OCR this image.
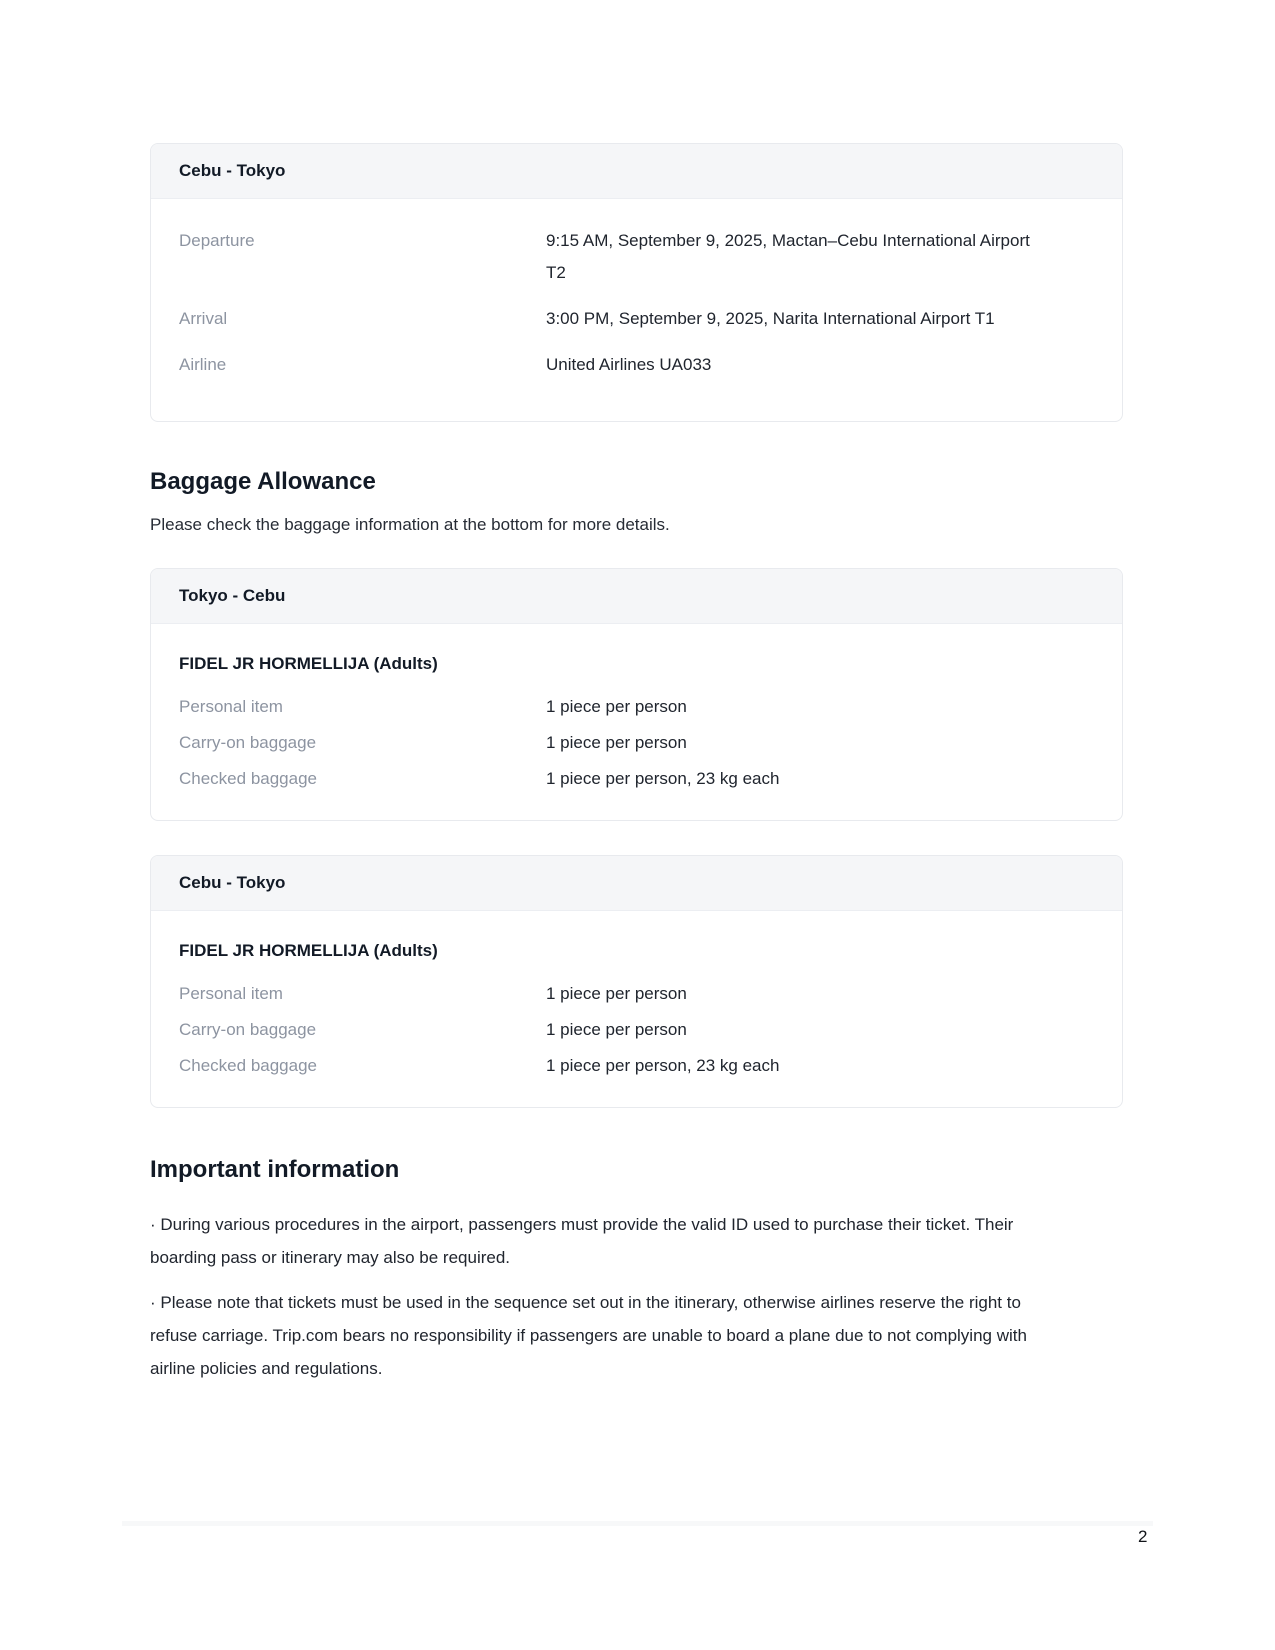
Cebu - Tokyo
Departure	9:15 AM, September 9, 2025, Mactan–Cebu International Airport T2
Arrival	3:00 PM, September 9, 2025, Narita International Airport T1
Airline	United Airlines UA033
Baggage Allowance

Please check the baggage information at the bottom for more details.

Tokyo - Cebu
FIDEL JR HORMELLIJA (Adults)
Personal item	1 piece per person
Carry-on baggage	1 piece per person
Checked baggage	1 piece per person, 23 kg each
Cebu - Tokyo
FIDEL JR HORMELLIJA (Adults)
Personal item	1 piece per person
Carry-on baggage	1 piece per person
Checked baggage	1 piece per person, 23 kg each
Important information

· During various procedures in the airport, passengers must provide the valid ID used to purchase their ticket. Their boarding pass or itinerary may also be required.

· Please note that tickets must be used in the sequence set out in the itinerary, otherwise airlines reserve the right to refuse carriage. Trip.com bears no responsibility if passengers are unable to board a plane due to not complying with airline policies and regulations.

2
